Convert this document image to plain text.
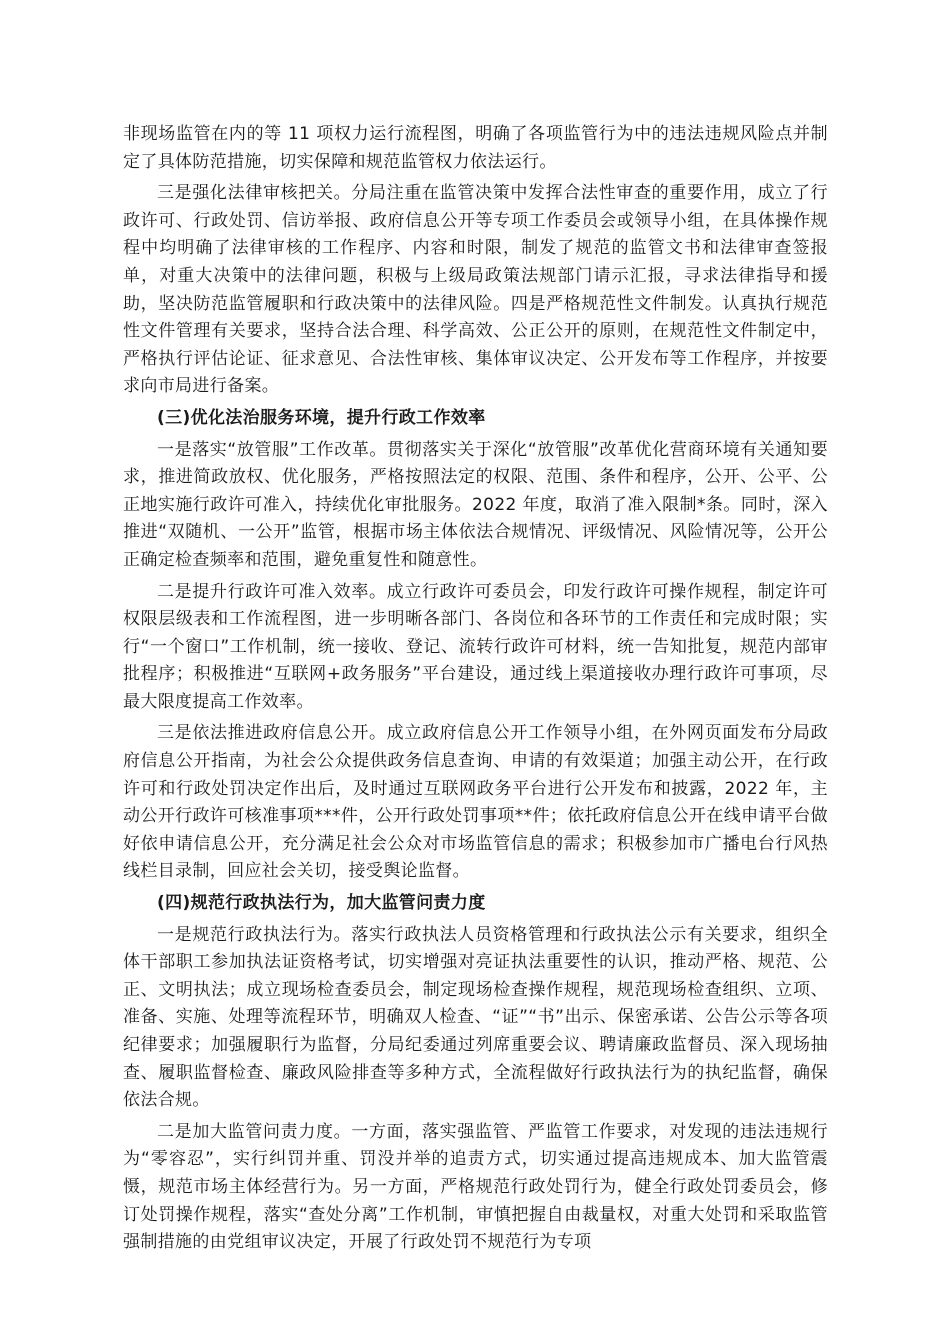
非现场监管在内的等 11 项权力运行流程图，明确了各项监管行为中的违法违规风险点并制定了具体防范措施，切实保障和规范监管权力依法运行。

三是强化法律审核把关。分局注重在监管决策中发挥合法性审查的重要作用，成立了行政许可、行政处罚、信访举报、政府信息公开等专项工作委员会或领导小组，在具体操作规程中均明确了法律审核的工作程序、内容和时限，制发了规范的监管文书和法律审查签报单，对重大决策中的法律问题，积极与上级局政策法规部门请示汇报，寻求法律指导和援助，坚决防范监管履职和行政决策中的法律风险。四是严格规范性文件制发。认真执行规范性文件管理有关要求，坚持合法合理、科学高效、公正公开的原则，在规范性文件制定中，严格执行评估论证、征求意见、合法性审核、集体审议决定、公开发布等工作程序，并按要求向市局进行备案。

(三)优化法治服务环境，提升行政工作效率

一是落实“放管服”工作改革。贯彻落实关于深化“放管服”改革优化营商环境有关通知要求，推进简政放权、优化服务，严格按照法定的权限、范围、条件和程序，公开、公平、公正地实施行政许可准入，持续优化审批服务。2022 年度，取消了准入限制*条。同时，深入推进“双随机、一公开”监管，根据市场主体依法合规情况、评级情况、风险情况等，公开公正确定检查频率和范围，避免重复性和随意性。

二是提升行政许可准入效率。成立行政许可委员会，印发行政许可操作规程，制定许可权限层级表和工作流程图，进一步明晰各部门、各岗位和各环节的工作责任和完成时限；实行“一个窗口”工作机制，统一接收、登记、流转行政许可材料，统一告知批复，规范内部审批程序；积极推进“互联网+政务服务”平台建设，通过线上渠道接收办理行政许可事项，尽最大限度提高工作效率。

三是依法推进政府信息公开。成立政府信息公开工作领导小组，在外网页面发布分局政府信息公开指南，为社会公众提供政务信息查询、申请的有效渠道；加强主动公开，在行政许可和行政处罚决定作出后，及时通过互联网政务平台进行公开发布和披露，2022 年，主动公开行政许可核准事项***件，公开行政处罚事项**件；依托政府信息公开在线申请平台做好依申请信息公开，充分满足社会公众对市场监管信息的需求；积极参加市广播电台行风热线栏目录制，回应社会关切，接受舆论监督。

(四)规范行政执法行为，加大监管问责力度

一是规范行政执法行为。落实行政执法人员资格管理和行政执法公示有关要求，组织全体干部职工参加执法证资格考试，切实增强对亮证执法重要性的认识，推动严格、规范、公正、文明执法；成立现场检查委员会，制定现场检查操作规程，规范现场检查组织、立项、准备、实施、处理等流程环节，明确双人检查、“证”“书”出示、保密承诺、公告公示等各项纪律要求；加强履职行为监督，分局纪委通过列席重要会议、聘请廉政监督员、深入现场抽查、履职监督检查、廉政风险排查等多种方式，全流程做好行政执法行为的执纪监督，确保依法合规。

二是加大监管问责力度。一方面，落实强监管、严监管工作要求，对发现的违法违规行为“零容忍”，实行纠罚并重、罚没并举的追责方式，切实通过提高违规成本、加大监管震慑，规范市场主体经营行为。另一方面，严格规范行政处罚行为，健全行政处罚委员会，修订处罚操作规程，落实“查处分离”工作机制，审慎把握自由裁量权，对重大处罚和采取监管强制措施的由党组审议决定，开展了行政处罚不规范行为专项
